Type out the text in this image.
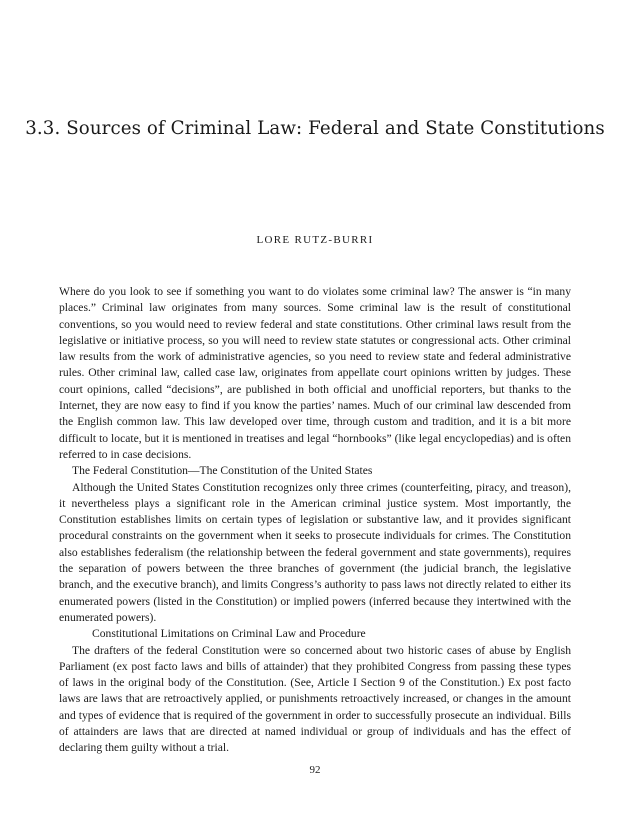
3.3. Sources of Criminal Law: Federal and State Constitutions
LORE RUTZ-BURRI

Where do you look to see if something you want to do violates some criminal law? The answer is “in many places.” Criminal law originates from many sources. Some criminal law is the result of constitutional conventions, so you would need to review federal and state constitutions. Other criminal laws result from the legislative or initiative process, so you will need to review state statutes or congressional acts. Other criminal law results from the work of administrative agencies, so you need to review state and federal administrative rules. Other criminal law, called case law, originates from appellate court opinions written by judges. These court opinions, called “decisions”, are published in both official and unofficial reporters, but thanks to the Internet, they are now easy to find if you know the parties’ names. Much of our criminal law descended from the English common law. This law developed over time, through custom and tradition, and it is a bit more difficult to locate, but it is mentioned in treatises and legal “hornbooks” (like legal encyclopedias) and is often referred to in case decisions.

The Federal Constitution—The Constitution of the United States

Although the United States Constitution recognizes only three crimes (counterfeiting, piracy, and treason), it nevertheless plays a significant role in the American criminal justice system. Most importantly, the Constitution establishes limits on certain types of legislation or substantive law, and it provides significant procedural constraints on the government when it seeks to prosecute individuals for crimes. The Constitution also establishes federalism (the relationship between the federal government and state governments), requires the separation of powers between the three branches of government (the judicial branch, the legislative branch, and the executive branch), and limits Congress’s authority to pass laws not directly related to either its enumerated powers (listed in the Constitution) or implied powers (inferred because they intertwined with the enumerated powers).

Constitutional Limitations on Criminal Law and Procedure

The drafters of the federal Constitution were so concerned about two historic cases of abuse by English Parliament (ex post facto laws and bills of attainder) that they prohibited Congress from passing these types of laws in the original body of the Constitution. (See, Article I Section 9 of the Constitution.) Ex post facto laws are laws that are retroactively applied, or punishments retroactively increased, or changes in the amount and types of evidence that is required of the government in order to successfully prosecute an individual. Bills of attainders are laws that are directed at named individual or group of individuals and has the effect of declaring them guilty without a trial.

92
